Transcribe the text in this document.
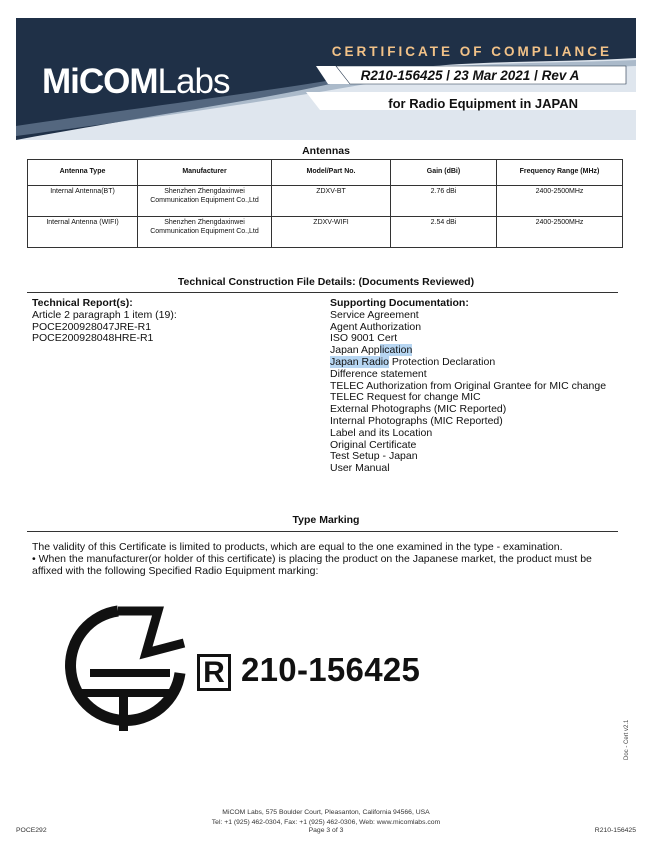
MiCOMLabs
CERTIFICATE OF COMPLIANCE
R210-156425 / 23 Mar 2021 / Rev A
for Radio Equipment in JAPAN
Antennas
Antenna Type	Manufacturer	Model/Part No.	Gain (dBi)	Frequency Range (MHz)
Internal Antenna(BT)	Shenzhen Zhengdaxinwei Communication Equipment Co.,Ltd	ZDXV-BT	2.76 dBi	2400-2500MHz
Internal Antenna (WIFI)	Shenzhen Zhengdaxinwei Communication Equipment Co.,Ltd	ZDXV-WIFI	2.54 dBi	2400-2500MHz
Technical Construction File Details: (Documents Reviewed)
Technical Report(s):
Article 2 paragraph 1 item (19):
POCE200928047JRE-R1
POCE200928048HRE-R1
Supporting Documentation:
Service Agreement
Agent Authorization
ISO 9001 Cert
Japan Application
Japan Radio Protection Declaration
Difference statement
TELEC Authorization from Original Grantee for MIC change
TELEC Request for change MIC
External Photographs (MIC Reported)
Internal Photographs (MIC Reported)
Label and its Location
Original Certificate
Test Setup - Japan
User Manual
Type Marking

The validity of this Certificate is limited to products, which are equal to the one examined in the type - examination.

• When the manufacturer(or holder of this certificate) is placing the product on the Japanese market, the product must be affixed with the following Specified Radio Equipment marking:

R 210-156425
Doc - Cert v2.1
MiCOM Labs, 575 Boulder Court, Pleasanton, California 94566, USA
Tel: +1 (925) 462-0304, Fax: +1 (925) 462-0306, Web: www.micomlabs.com
POCE292	Page 3 of 3	R210-156425
